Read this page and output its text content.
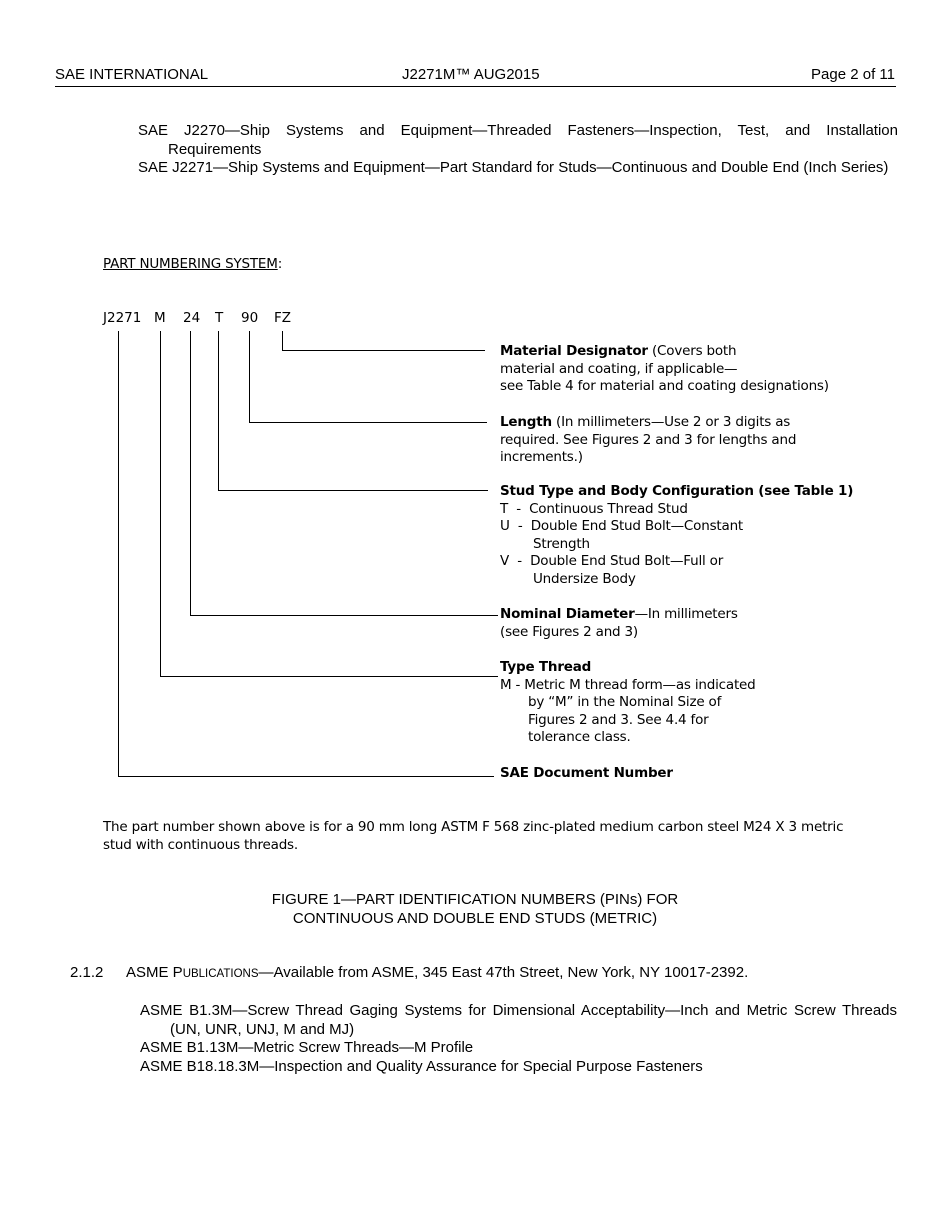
SAE INTERNATIONAL	J2271M™ AUG2015	Page 2 of 11
SAE J2270—Ship Systems and Equipment—Threaded Fasteners—Inspection, Test, and Installation Requirements
SAE J2271—Ship Systems and Equipment—Part Standard for Studs—Continuous and Double End (Inch Series)
PART NUMBERING SYSTEM:
J2271 M 24 T 90 FZ
Material Designator (Covers both
material and coating, if applicable—
see Table 4 for material and coating designations)
Length (In millimeters—Use 2 or 3 digits as
required. See Figures 2 and 3 for lengths and
increments.)
Stud Type and Body Configuration (see Table 1)
T  -  Continuous Thread Stud
U  -  Double End Stud Bolt—Constant
Strength
V  -  Double End Stud Bolt—Full or
Undersize Body
Nominal Diameter—In millimeters
(see Figures 2 and 3)
Type Thread
M - Metric M thread form—as indicated
by “M” in the Nominal Size of
Figures 2 and 3. See 4.4 for
tolerance class.
SAE Document Number
The part number shown above is for a 90 mm long ASTM F 568 zinc-plated medium carbon steel M24 X 3 metric stud with continuous threads.
FIGURE 1—PART IDENTIFICATION NUMBERS (PINs) FOR
CONTINUOUS AND DOUBLE END STUDS (METRIC)
2.1.2 ASME PUBLICATIONS—Available from ASME, 345 East 47th Street, New York, NY 10017-2392.
ASME B1.3M—Screw Thread Gaging Systems for Dimensional Acceptability—Inch and Metric Screw Threads (UN, UNR, UNJ, M and MJ)
ASME B1.13M—Metric Screw Threads—M Profile
ASME B18.18.3M—Inspection and Quality Assurance for Special Purpose Fasteners
